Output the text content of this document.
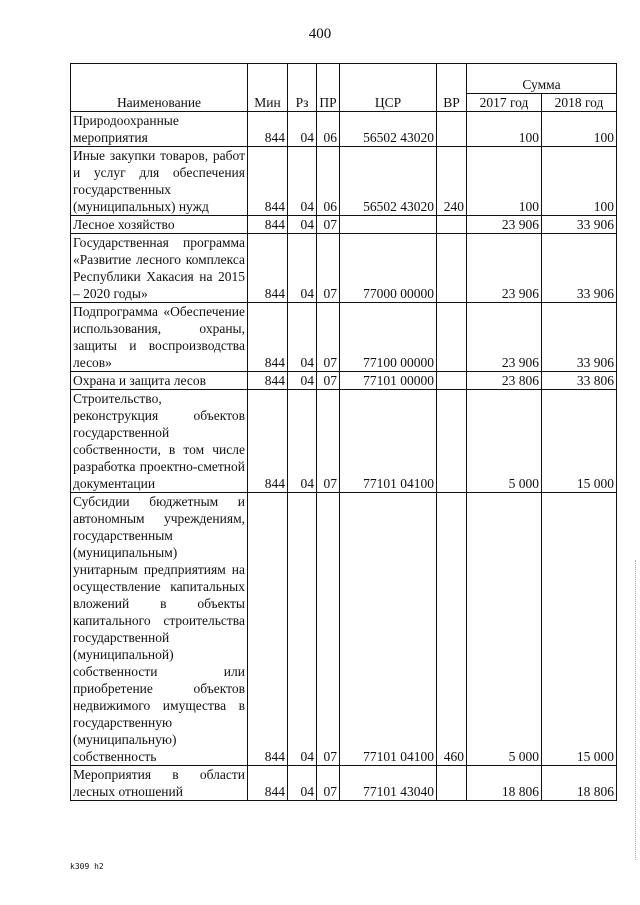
400
Наименование	Мин	Рз	ПР	ЦСР	ВР	Сумма	
						2017 год	2018 год
Природоохранные мероприятия	844	04	06	56502 43020		100	100
Иные закупки товаров, работ и услуг для обеспечения государственных (муниципальных) нужд	844	04	06	56502 43020	240	100	100
Лесное хозяйство	844	04	07			23 906	33 906
Государственная программа «Развитие лесного комплекса Республики Хакасия на 2015 – 2020 годы»	844	04	07	77000 00000		23 906	33 906
Подпрограмма «Обеспечение использования, охраны, защиты и воспроизводства лесов»	844	04	07	77100 00000		23 906	33 906
Охрана и защита лесов	844	04	07	77101 00000		23 806	33 806
Строительство, реконструкция объектов государственной собственности, в том числе разработка проектно-сметной документации	844	04	07	77101 04100		5 000	15 000
Субсидии бюджетным и автономным учреждениям, государственным (муниципальным) унитарным предприятиям на осуществление капитальных вложений в объекты капитального строительства государственной (муниципальной) собственности или приобретение объектов недвижимого имущества в государственную (муниципальную) собственность	844	04	07	77101 04100	460	5 000	15 000
Мероприятия в области лесных отношений	844	04	07	77101 43040		18 806	18 806
k309 h2
